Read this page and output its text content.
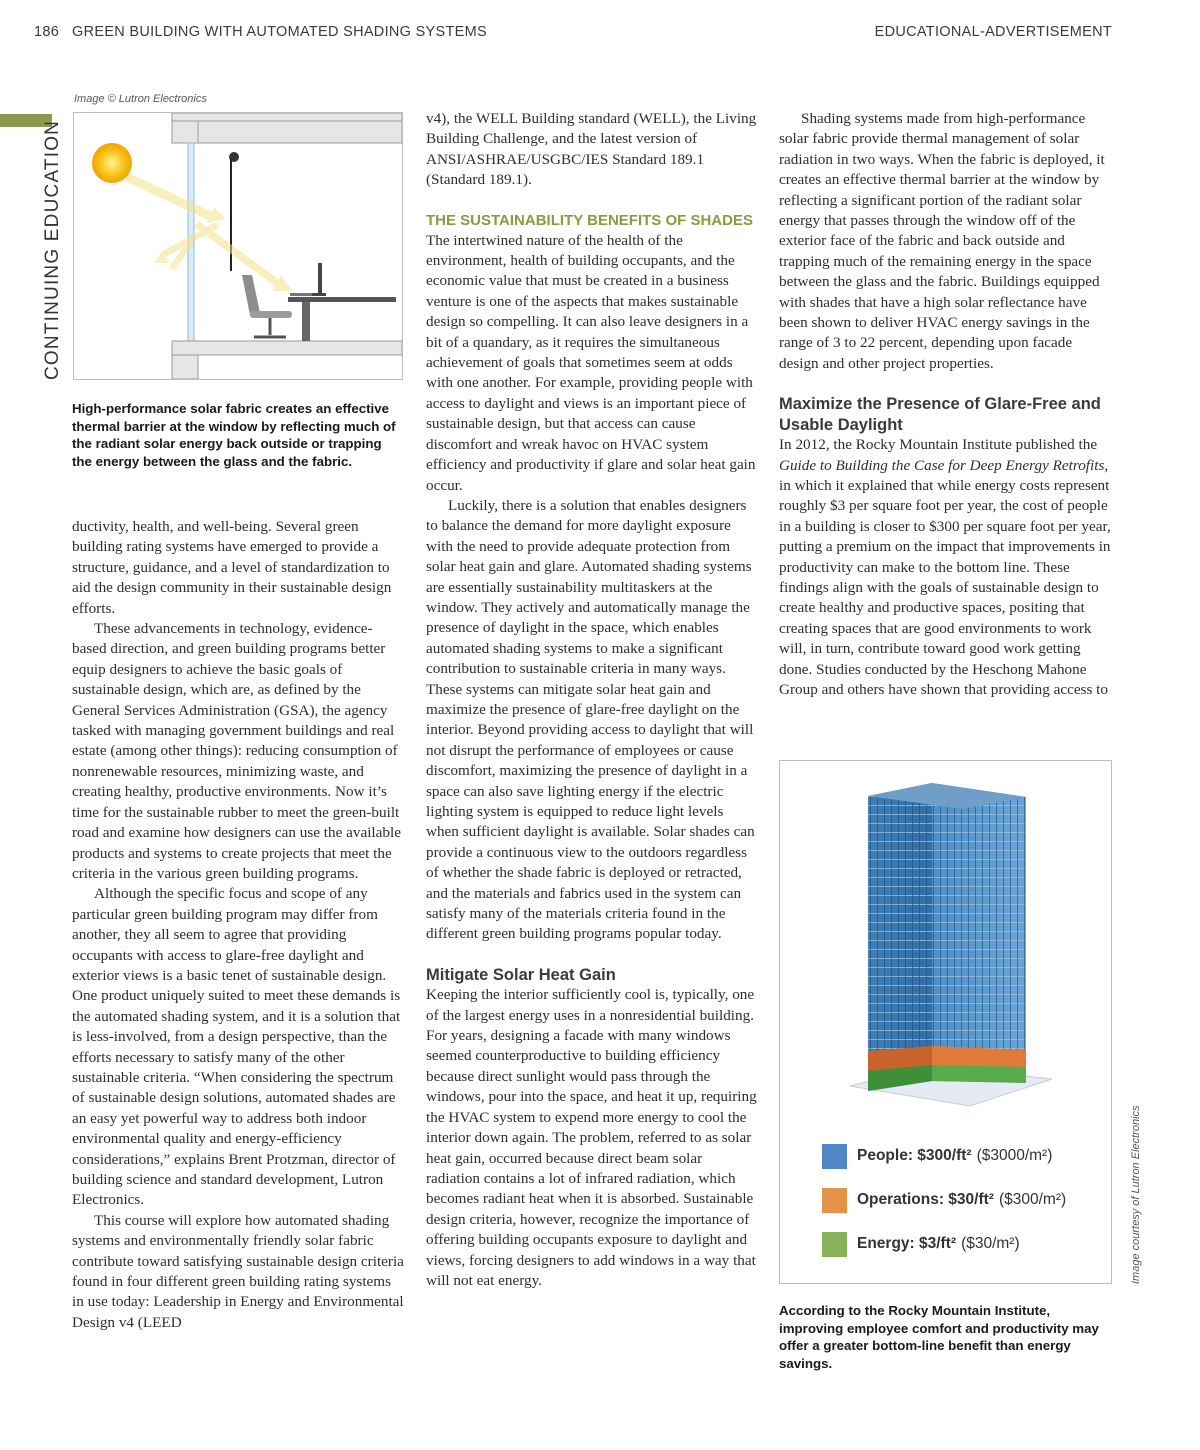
186 GREEN BUILDING WITH AUTOMATED SHADING SYSTEMS	EDUCATIONAL-ADVERTISEMENT
CONTINUING EDUCATION
Image © Lutron Electronics
High-performance solar fabric creates an effective thermal barrier at the window by reflecting much of the radiant solar energy back outside or trapping the energy between the glass and the fabric.

ductivity, health, and well-being. Several green building rating systems have emerged to provide a structure, guidance, and a level of standardization to aid the design community in their sustainable design efforts.

These advancements in technology, evidence-based direction, and green building programs better equip designers to achieve the basic goals of sustainable design, which are, as defined by the General Services Administration (GSA), the agency tasked with managing government buildings and real estate (among other things): reducing consumption of nonrenewable resources, minimizing waste, and creating healthy, productive environments. Now it’s time for the sustainable rubber to meet the green-built road and examine how designers can use the available products and systems to create projects that meet the criteria in the various green building programs.

Although the specific focus and scope of any particular green building program may differ from another, they all seem to agree that providing occupants with access to glare-free daylight and exterior views is a basic tenet of sustainable design. One product uniquely suited to meet these demands is the automated shading system, and it is a solution that is less-involved, from a design perspective, than the efforts necessary to satisfy many of the other sustainable criteria. “When considering the spectrum of sustainable design solutions, automated shades are an easy yet powerful way to address both indoor environmental quality and energy-efficiency considerations,” explains Brent Protzman, director of building science and standard development, Lutron Electronics.

This course will explore how automated shading systems and environmentally friendly solar fabric contribute toward satisfying sustainable design criteria found in four different green building rating systems in use today: Leadership in Energy and Environmental Design v4 (LEED

v4), the WELL Building standard (WELL), the Living Building Challenge, and the latest version of ANSI/ASHRAE/USGBC/IES Standard 189.1 (Standard 189.1).

THE SUSTAINABILITY BENEFITS OF SHADES

The intertwined nature of the health of the environment, health of building occupants, and the economic value that must be created in a business venture is one of the aspects that makes sustainable design so compelling. It can also leave designers in a bit of a quandary, as it requires the simultaneous achievement of goals that sometimes seem at odds with one another. For example, providing people with access to daylight and views is an important piece of sustainable design, but that access can cause discomfort and wreak havoc on HVAC system efficiency and productivity if glare and solar heat gain occur.

Luckily, there is a solution that enables designers to balance the demand for more daylight exposure with the need to provide adequate protection from solar heat gain and glare. Automated shading systems are essentially sustainability multitaskers at the window. They actively and automatically manage the presence of daylight in the space, which enables automated shading systems to make a significant contribution to sustainable criteria in many ways. These systems can mitigate solar heat gain and maximize the presence of glare-free daylight on the interior. Beyond providing access to daylight that will not disrupt the performance of employees or cause discomfort, maximizing the presence of daylight in a space can also save lighting energy if the electric lighting system is equipped to reduce light levels when sufficient daylight is available. Solar shades can provide a continuous view to the outdoors regardless of whether the shade fabric is deployed or retracted, and the materials and fabrics used in the system can satisfy many of the materials criteria found in the different green building programs popular today.

Mitigate Solar Heat Gain

Keeping the interior sufficiently cool is, typically, one of the largest energy uses in a nonresidential building. For years, designing a facade with many windows seemed counterproductive to building efficiency because direct sunlight would pass through the windows, pour into the space, and heat it up, requiring the HVAC system to expend more energy to cool the interior down again. The problem, referred to as solar heat gain, occurred because direct beam solar radiation contains a lot of infrared radiation, which becomes radiant heat when it is absorbed. Sustainable design criteria, however, recognize the importance of offering building occupants exposure to daylight and views, forcing designers to add windows in a way that will not eat energy.

Shading systems made from high-performance solar fabric provide thermal management of solar radiation in two ways. When the fabric is deployed, it creates an effective thermal barrier at the window by reflecting a significant portion of the radiant solar energy that passes through the window off of the exterior face of the fabric and back outside and trapping much of the remaining energy in the space between the glass and the fabric. Buildings equipped with shades that have a high solar reflectance have been shown to deliver HVAC energy savings in the range of 3 to 22 percent, depending upon facade design and other project properties.

Maximize the Presence of Glare-Free and Usable Daylight

In 2012, the Rocky Mountain Institute published the Guide to Building the Case for Deep Energy Retrofits, in which it explained that while energy costs represent roughly $3 per square foot per year, the cost of people in a building is closer to $300 per square foot per year, putting a premium on the impact that improvements in productivity can make to the bottom line. These findings align with the goals of sustainable design to create healthy and productive spaces, positing that creating spaces that are good environments to work will, in turn, contribute toward good work getting done. Studies conducted by the Heschong Mahone Group and others have shown that providing access to

People: $300/ft² ($3000/m²)
Operations: $30/ft² ($300/m²)
Energy: $3/ft² ($30/m²)	Image courtesy of Lutron Electronics
According to the Rocky Mountain Institute, improving employee comfort and productivity may offer a greater bottom-line benefit than energy savings.
